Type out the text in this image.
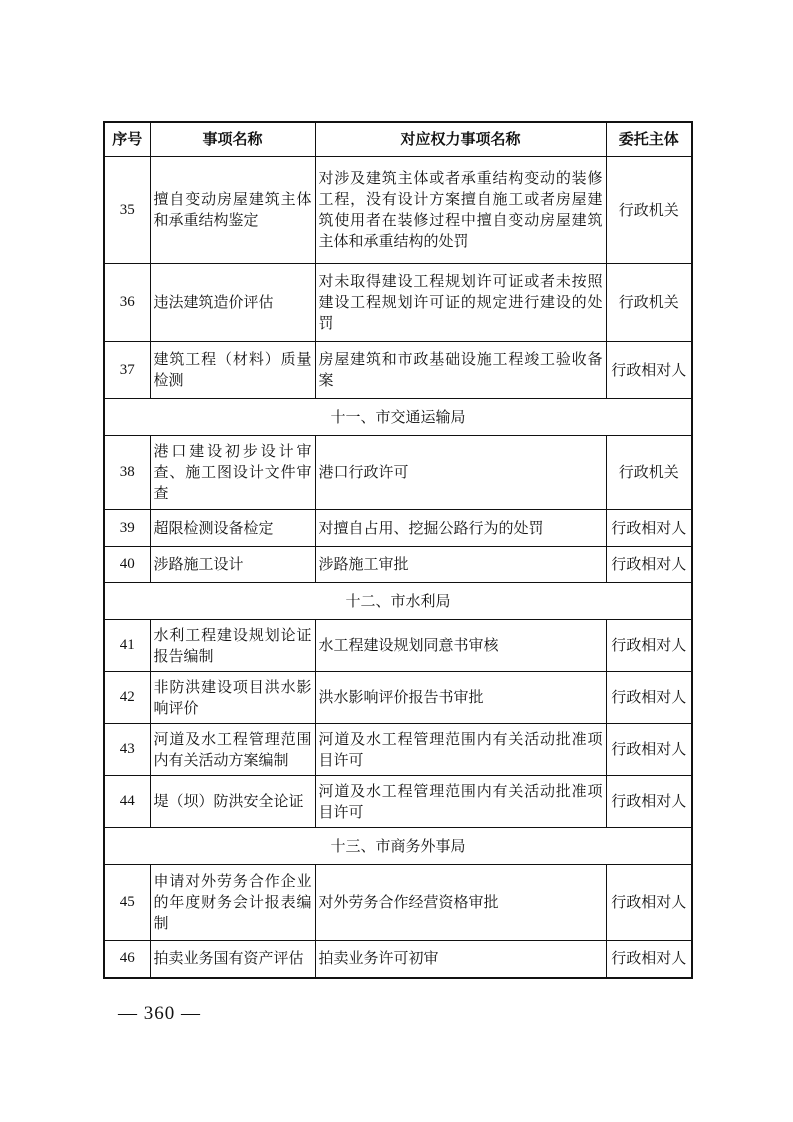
序号	事项名称	对应权力事项名称	委托主体
35	擅自变动房屋建筑主体和承重结构鉴定	对涉及建筑主体或者承重结构变动的装修工程，没有设计方案擅自施工或者房屋建筑使用者在装修过程中擅自变动房屋建筑主体和承重结构的处罚	行政机关
36	违法建筑造价评估	对未取得建设工程规划许可证或者未按照建设工程规划许可证的规定进行建设的处罚	行政机关
37	建筑工程（材料）质量检测	房屋建筑和市政基础设施工程竣工验收备案	行政相对人
十一、市交通运输局			
38	港口建设初步设计审查、施工图设计文件审查	港口行政许可	行政机关
39	超限检测设备检定	对擅自占用、挖掘公路行为的处罚	行政相对人
40	涉路施工设计	涉路施工审批	行政相对人
十二、市水利局			
41	水利工程建设规划论证报告编制	水工程建设规划同意书审核	行政相对人
42	非防洪建设项目洪水影响评价	洪水影响评价报告书审批	行政相对人
43	河道及水工程管理范围内有关活动方案编制	河道及水工程管理范围内有关活动批准项目许可	行政相对人
44	堤（坝）防洪安全论证	河道及水工程管理范围内有关活动批准项目许可	行政相对人
十三、市商务外事局			
45	申请对外劳务合作企业的年度财务会计报表编制	对外劳务合作经营资格审批	行政相对人
46	拍卖业务国有资产评估	拍卖业务许可初审	行政相对人
— 360 —
